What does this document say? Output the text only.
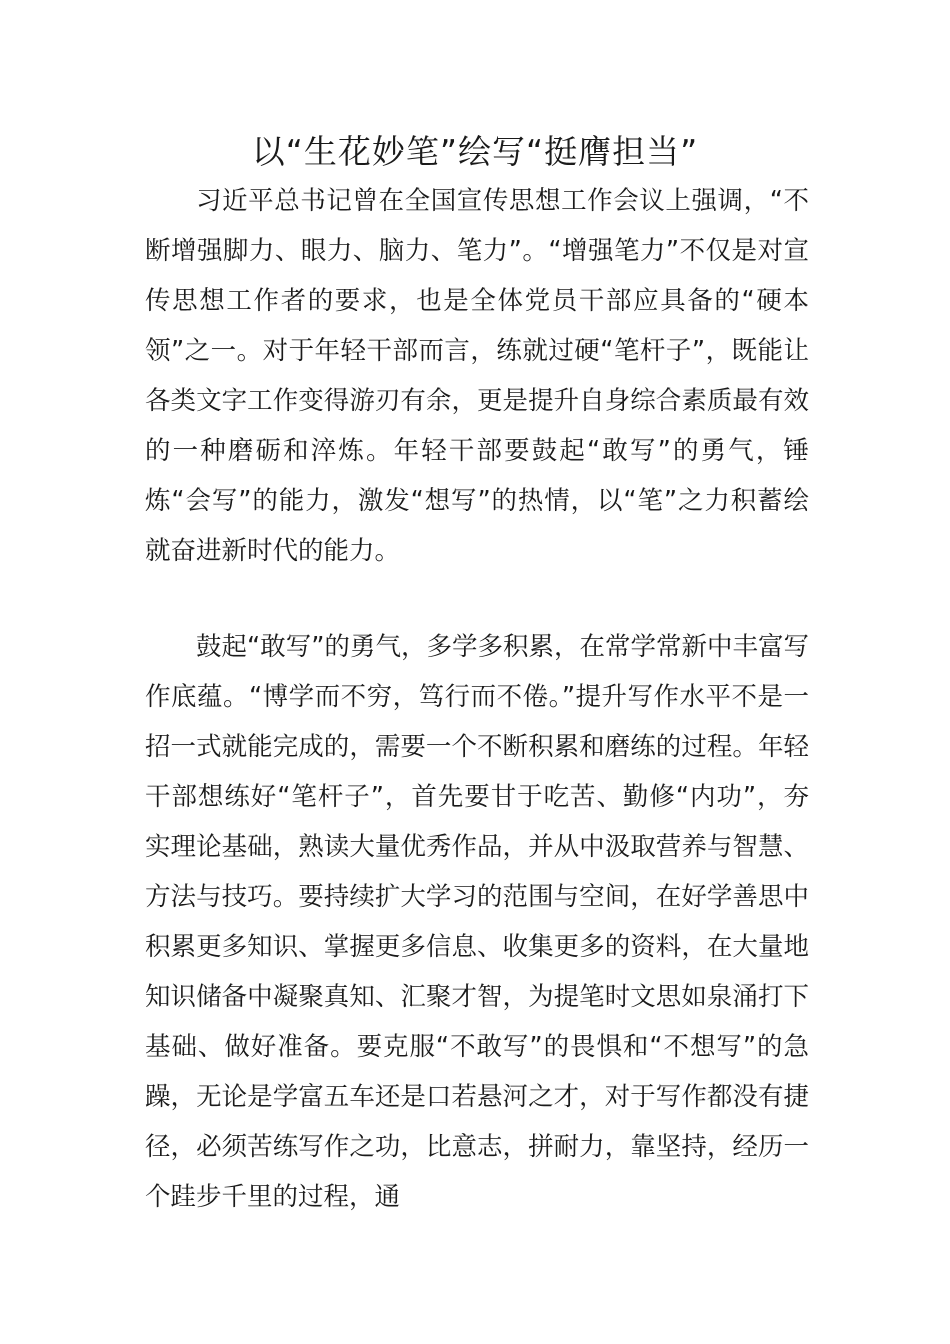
以“生花妙笔”绘写“挺膺担当”

习近平总书记曾在全国宣传思想工作会议上强调，“不断增强脚力、眼力、脑力、笔力”。“增强笔力”不仅是对宣传思想工作者的要求，也是全体党员干部应具备的“硬本领”之一。对于年轻干部而言，练就过硬“笔杆子”，既能让各类文字工作变得游刃有余，更是提升自身综合素质最有效的一种磨砺和淬炼。年轻干部要鼓起“敢写”的勇气，锤炼“会写”的能力，激发“想写”的热情，以“笔”之力积蓄绘就奋进新时代的能力。

鼓起“敢写”的勇气，多学多积累，在常学常新中丰富写作底蕴。“博学而不穷，笃行而不倦。”提升写作水平不是一招一式就能完成的，需要一个不断积累和磨练的过程。年轻干部想练好“笔杆子”，首先要甘于吃苦、勤修“内功”，夯实理论基础，熟读大量优秀作品，并从中汲取营养与智慧、方法与技巧。要持续扩大学习的范围与空间，在好学善思中积累更多知识、掌握更多信息、收集更多的资料，在大量地知识储备中凝聚真知、汇聚才智，为提笔时文思如泉涌打下基础、做好准备。要克服“不敢写”的畏惧和“不想写”的急躁，无论是学富五车还是口若悬河之才，对于写作都没有捷径，必须苦练写作之功，比意志，拼耐力，靠坚持，经历一个跬步千里的过程，通
